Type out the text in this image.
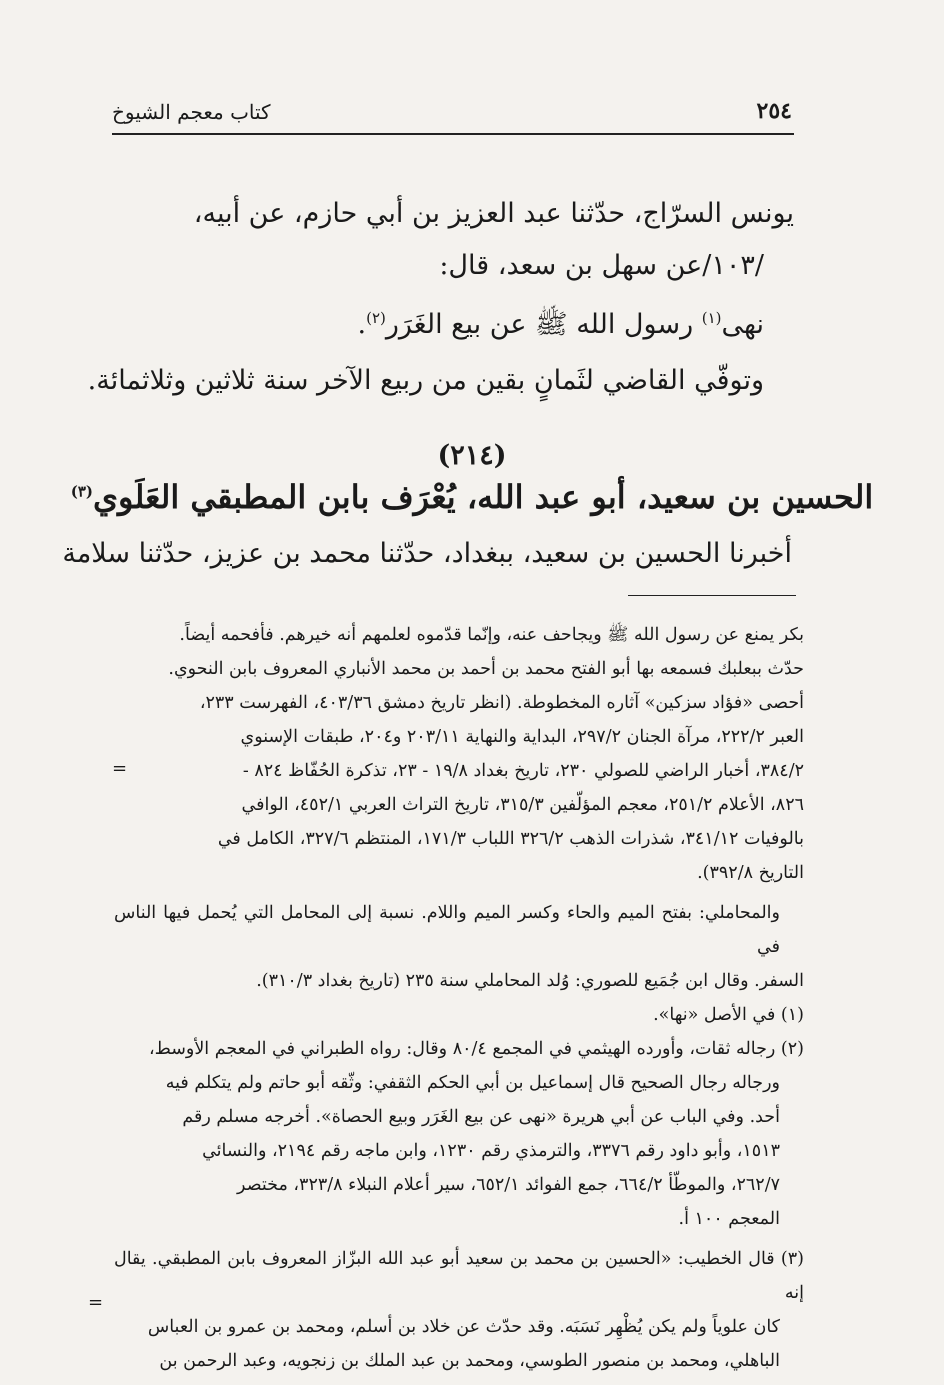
٢٥٤
كتاب معجم الشيوخ
يونس السرّاج، حدّثنا عبد العزيز بن أبي حازم، عن أبيه،
/١٠٣/عن سهل بن سعد، قال:
نهى$^{(١)}$ رسول الله ﷺ عن بيع الغَرَر$^{(٢)}$.
وتوفّي القاضي لثَمانٍ بقين من ربيع الآخر سنة ثلاثين وثلاثمائة.
(٢١٤)
الحسين بن سعيد، أبو عبد الله، يُعْرَف بابن المطبقي العَلَوي$^{(٣)}$
أخبرنا الحسين بن سعيد، ببغداد، حدّثنا محمد بن عزيز، حدّثنا سلامة

بكر يمنع عن رسول الله ﷺ ويجاحف عنه، وإنّما قدّموه لعلمهم أنه خيرهم. فأفحمه أيضاً.

حدّث ببعلبك فسمعه بها أبو الفتح محمد بن أحمد بن محمد الأنباري المعروف بابن النحوي.

أحصى «فؤاد سزكين» آثاره المخطوطة. (انظر تاريخ دمشق ٤٠٣/٣٦، الفهرست ٢٣٣،

العبر ٢٢٢/٢، مرآة الجنان ٢٩٧/٢، البداية والنهاية ٢٠٣/١١ و٢٠٤، طبقات الإسنوي

٣٨٤/٢، أخبار الراضي للصولي ٢٣٠، تاريخ بغداد ١٩/٨ - ٢٣، تذكرة الحُفّاظ ٨٢٤ -

٨٢٦، الأعلام ٢٥١/٢، معجم المؤلّفين ٣١٥/٣، تاريخ التراث العربي ٤٥٢/١، الوافي

بالوفيات ٣٤١/١٢، شذرات الذهب ٣٢٦/٢ اللباب ١٧١/٣، المنتظم ٣٢٧/٦، الكامل في

التاريخ ٣٩٢/٨).

والمحاملي: بفتح الميم والحاء وكسر الميم واللام. نسبة إلى المحامل التي يُحمل فيها الناس في

السفر. وقال ابن جُمَيع للصوري: وُلد المحاملي سنة ٢٣٥ (تاريخ بغداد ٣١٠/٣).

(١) في الأصل «نها».

(٢) رجاله ثقات، وأورده الهيثمي في المجمع ٨٠/٤ وقال: رواه الطبراني في المعجم الأوسط،

ورجاله رجال الصحيح قال إسماعيل بن أبي الحكم الثقفي: وثّقه أبو حاتم ولم يتكلم فيه

أحد. وفي الباب عن أبي هريرة «نهى عن بيع الغَرَر وبيع الحصاة». أخرجه مسلم رقم

١٥١٣، وأبو داود رقم ٣٣٧٦، والترمذي رقم ١٢٣٠، وابن ماجه رقم ٢١٩٤، والنسائي

٢٦٢/٧، والموطّأ ٦٦٤/٢، جمع الفوائد ٦٥٢/١، سير أعلام النبلاء ٣٢٣/٨، مختصر

المعجم ١٠٠ أ.

(٣) قال الخطيب: «الحسين بن محمد بن سعيد أبو عبد الله البزّاز المعروف بابن المطبقي. يقال إنه

كان علوياً ولم يكن يُظْهِر نَسَبَه. وقد حدّث عن خلاد بن أسلم، ومحمد بن عمرو بن العباس

الباهلي، ومحمد بن منصور الطوسي، ومحمد بن عبد الملك بن زنجويه، وعبد الرحمن بن

=
=
